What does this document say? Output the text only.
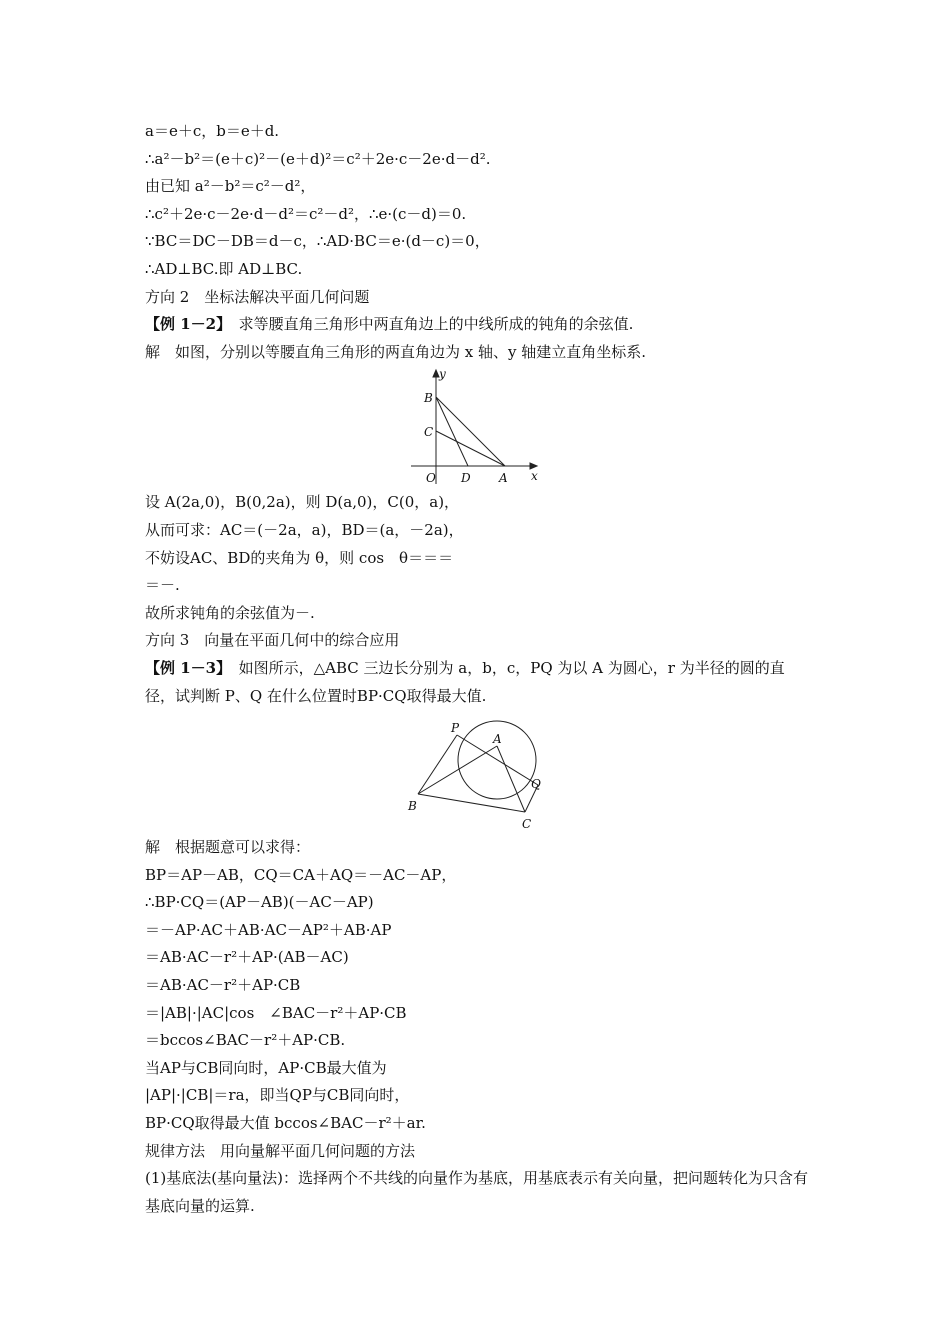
a＝e＋c，b＝e＋d.
∴a²－b²＝(e＋c)²－(e＋d)²＝c²＋2e·c－2e·d－d².
由已知 a²－b²＝c²－d²，
∴c²＋2e·c－2e·d－d²＝c²－d²，∴e·(c－d)＝0.
∵BC＝DC－DB＝d－c，∴AD·BC＝e·(d－c)＝0，
∴AD⊥BC.即 AD⊥BC.
方向 2　坐标法解决平面几何问题
【例 1－2】　求等腰直角三角形中两直角边上的中线所成的钝角的余弦值.
解　如图，分别以等腰直角三角形的两直角边为 x 轴、y 轴建立直角坐标系.
y
B
C
O D A x
设 A(2a,0)，B(0,2a)，则 D(a,0)，C(0，a)，
从而可求：AC＝(－2a，a)，BD＝(a，－2a)，
不妨设AC、BD的夹角为 θ，则 cos　θ＝＝＝
＝－.
故所求钝角的余弦值为－.
方向 3　向量在平面几何中的综合应用
【例 1－3】　如图所示，△ABC 三边长分别为 a，b，c，PQ 为以 A 为圆心，r 为半径的圆的直径，试判断 P、Q 在什么位置时BP·CQ取得最大值.
P
A
Q
B
C
解　根据题意可以求得：
BP＝AP－AB，CQ＝CA＋AQ＝－AC－AP，
∴BP·CQ＝(AP－AB)(－AC－AP)
＝－AP·AC＋AB·AC－AP²＋AB·AP
＝AB·AC－r²＋AP·(AB－AC)
＝AB·AC－r²＋AP·CB
＝|AB|·|AC|cos　∠BAC－r²＋AP·CB
＝bccos∠BAC－r²＋AP·CB.
当AP与CB同向时，AP·CB最大值为
|AP|·|CB|＝ra，即当QP与CB同向时，
BP·CQ取得最大值 bccos∠BAC－r²＋ar.
规律方法　用向量解平面几何问题的方法
(1)基底法(基向量法)：选择两个不共线的向量作为基底，用基底表示有关向量，把问题转化为只含有基底向量的运算.
